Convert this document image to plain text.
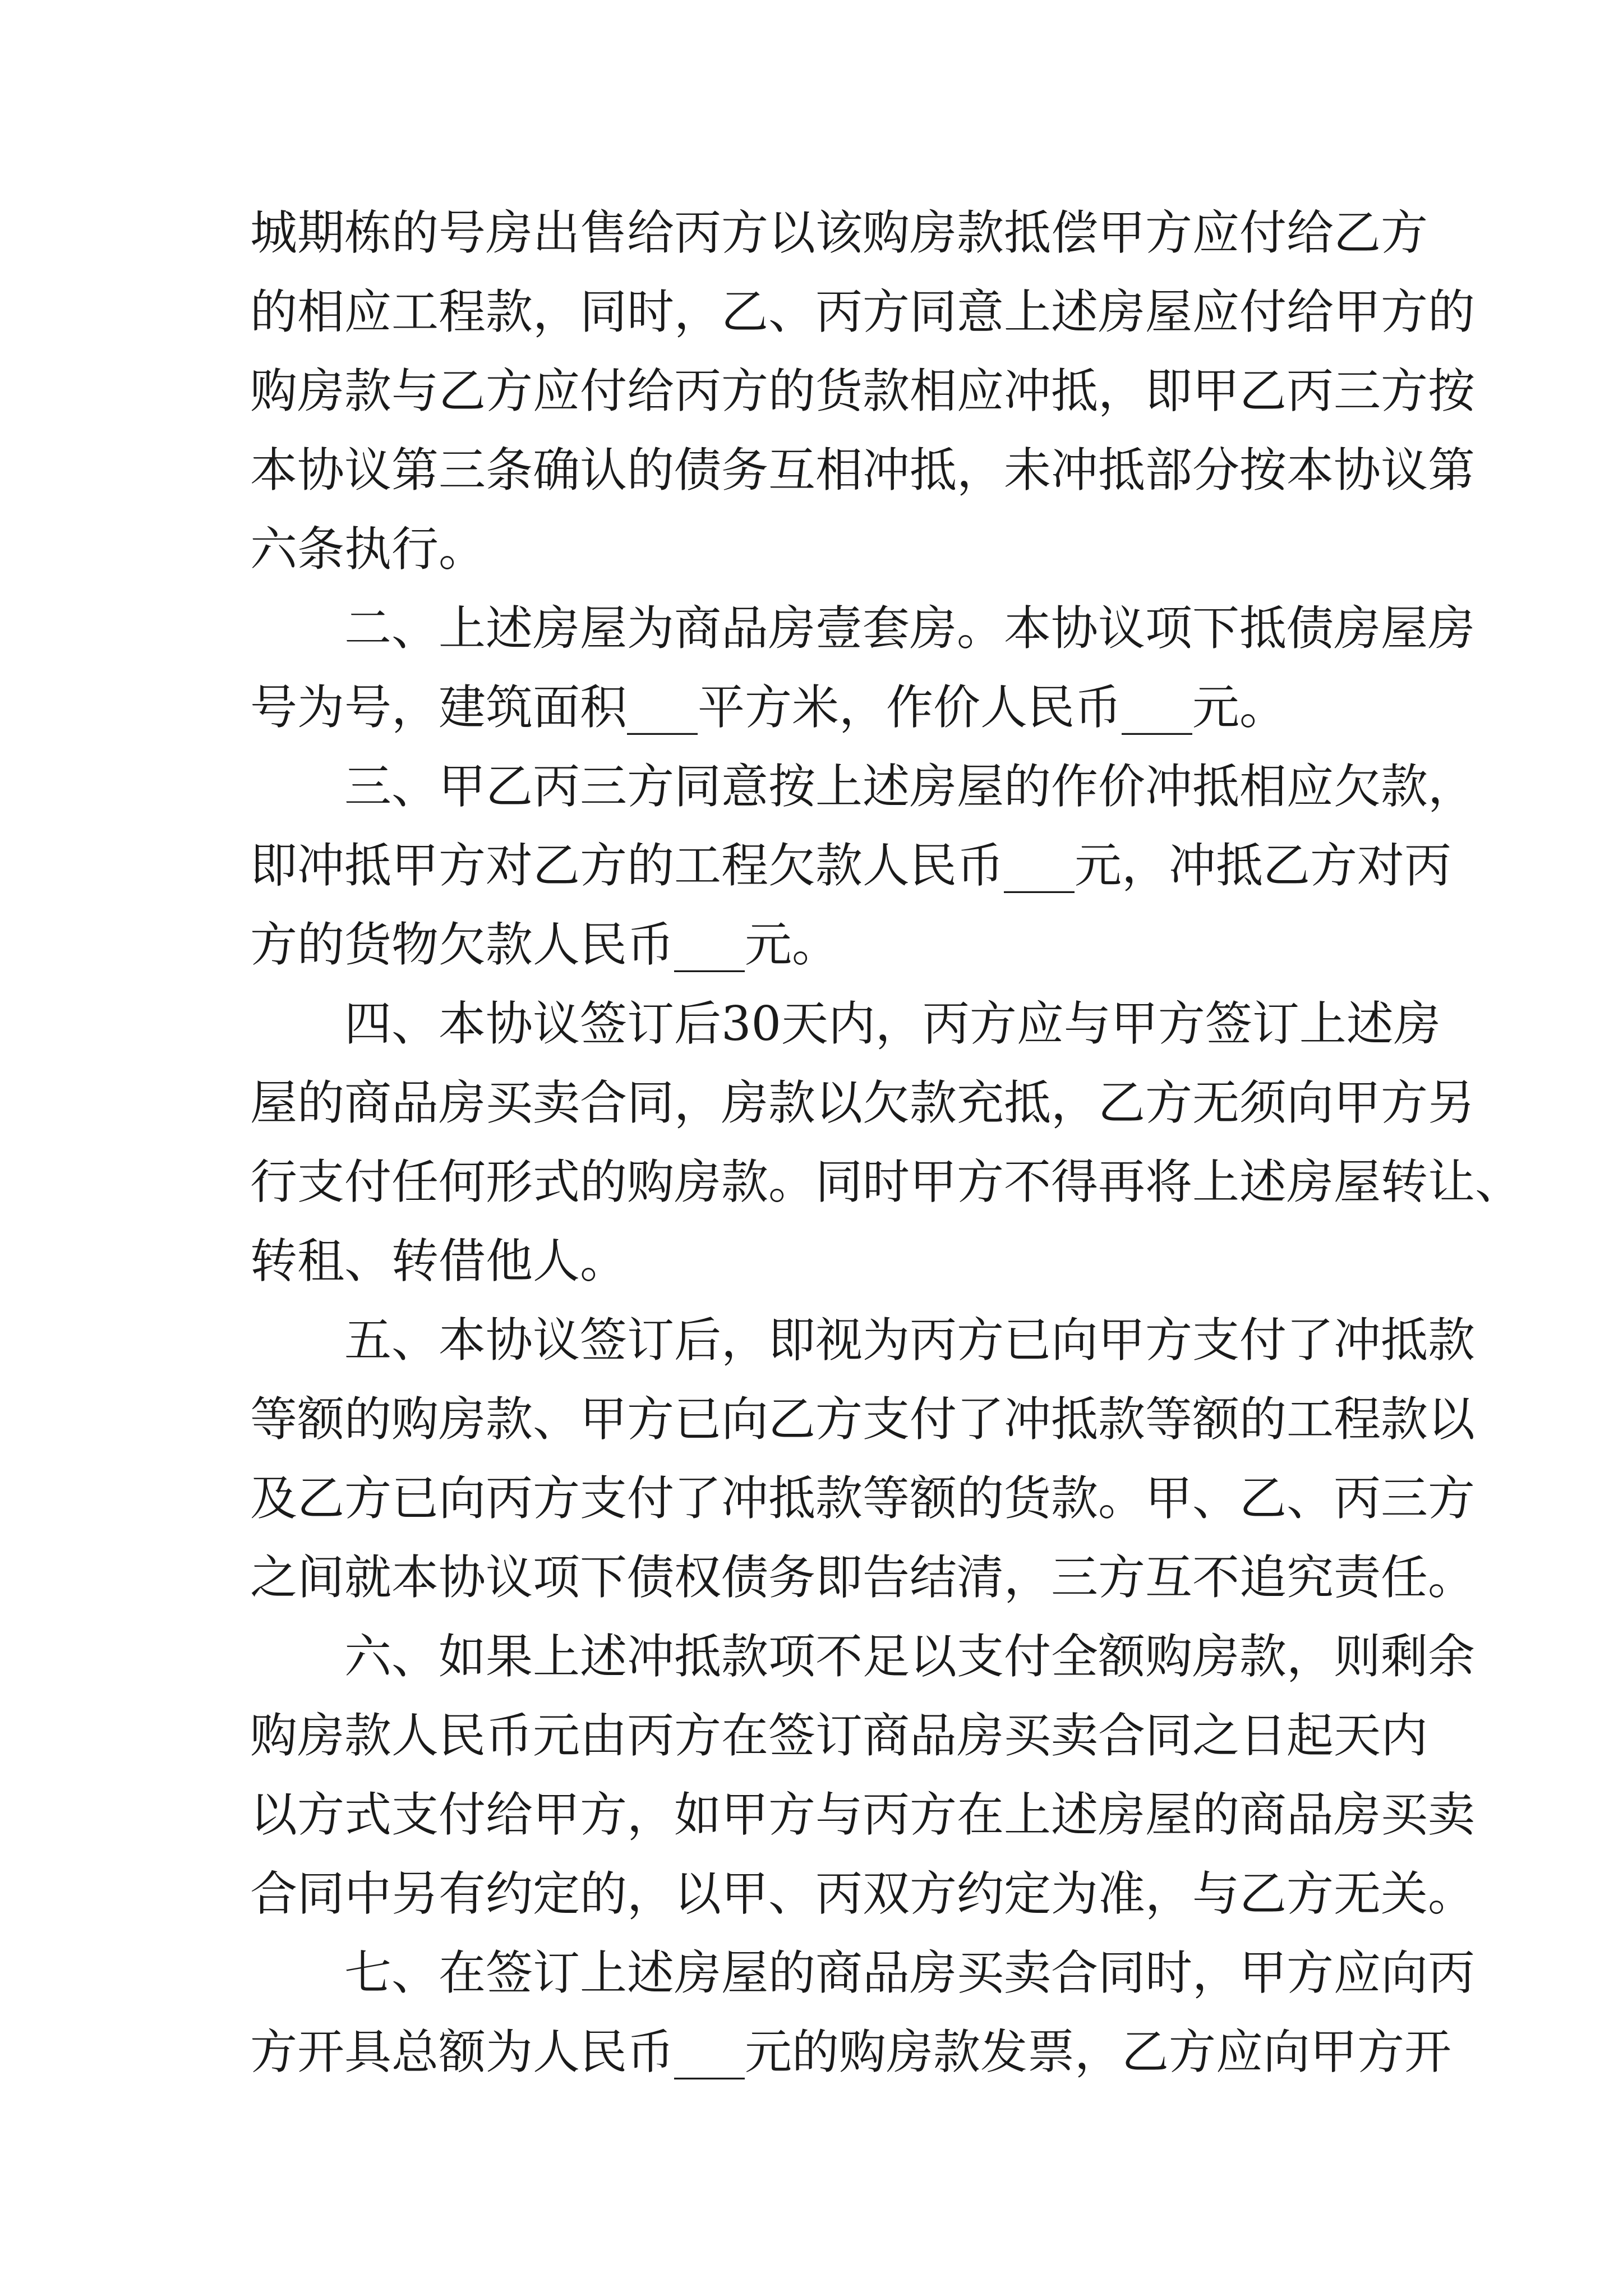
城期栋的号房出售给丙方以该购房款抵偿甲方应付给乙方
的相应工程款，同时，乙、丙方同意上述房屋应付给甲方的
购房款与乙方应付给丙方的货款相应冲抵，即甲乙丙三方按
本协议第三条确认的债务互相冲抵，未冲抵部分按本协议第
六条执行。
二、上述房屋为商品房壹套房。本协议项下抵债房屋房
号为号，建筑面积___平方米，作价人民币___元。
三、甲乙丙三方同意按上述房屋的作价冲抵相应欠款，
即冲抵甲方对乙方的工程欠款人民币___元，冲抵乙方对丙
方的货物欠款人民币___元。
四、本协议签订后30天内，丙方应与甲方签订上述房
屋的商品房买卖合同，房款以欠款充抵，乙方无须向甲方另
行支付任何形式的购房款。同时甲方不得再将上述房屋转让、
转租、转借他人。
五、本协议签订后，即视为丙方已向甲方支付了冲抵款
等额的购房款、甲方已向乙方支付了冲抵款等额的工程款以
及乙方已向丙方支付了冲抵款等额的货款。甲、乙、丙三方
之间就本协议项下债权债务即告结清，三方互不追究责任。
六、如果上述冲抵款项不足以支付全额购房款，则剩余
购房款人民币元由丙方在签订商品房买卖合同之日起天内
以方式支付给甲方，如甲方与丙方在上述房屋的商品房买卖
合同中另有约定的，以甲、丙双方约定为准，与乙方无关。
七、在签订上述房屋的商品房买卖合同时，甲方应向丙
方开具总额为人民币___元的购房款发票，乙方应向甲方开
